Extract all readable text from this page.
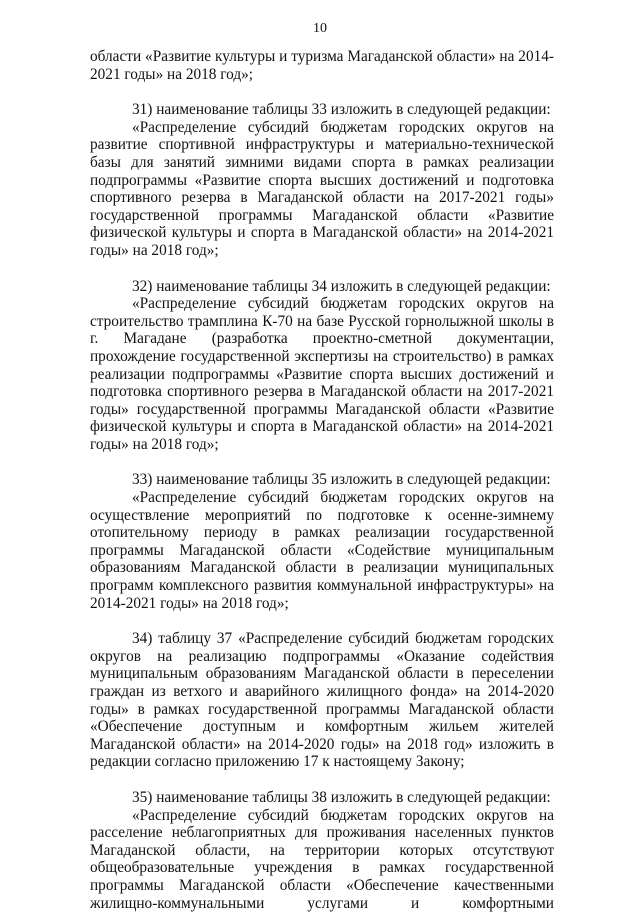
10

области «Развитие культуры и туризма Магаданской области» на 2014-2021 годы» на 2018 год»;

31) наименование таблицы 33 изложить в следующей редакции:

«Распределение субсидий бюджетам городских округов на развитие спортивной инфраструктуры и материально-технической базы для занятий зимними видами спорта в рамках реализации подпрограммы «Развитие спорта высших достижений и подготовка спортивного резерва в Магаданской области на 2017-2021 годы» государственной программы Магаданской области «Развитие физической культуры и спорта в Магаданской области» на 2014-2021 годы» на 2018 год»;

32) наименование таблицы 34 изложить в следующей редакции:

«Распределение субсидий бюджетам городских округов на строительство трамплина К-70 на базе Русской горнолыжной школы в г. Магадане (разработка проектно-сметной документации, прохождение государственной экспертизы на строительство) в рамках реализации подпрограммы «Развитие спорта высших достижений и подготовка спортивного резерва в Магаданской области на 2017-2021 годы» государственной программы Магаданской области «Развитие физической культуры и спорта в Магаданской области» на 2014-2021 годы» на 2018 год»;

33) наименование таблицы 35 изложить в следующей редакции:

«Распределение субсидий бюджетам городских округов на осуществление мероприятий по подготовке к осенне-зимнему отопительному периоду в рамках реализации государственной программы Магаданской области «Содействие муниципальным образованиям Магаданской области в реализации муниципальных программ комплексного развития коммунальной инфраструктуры» на 2014-2021 годы» на 2018 год»;

34) таблицу 37 «Распределение субсидий бюджетам городских округов на реализацию подпрограммы «Оказание содействия муниципальным образованиям Магаданской области в переселении граждан из ветхого и аварийного жилищного фонда» на 2014-2020 годы» в рамках государственной программы Магаданской области «Обеспечение доступным и комфортным жильем жителей Магаданской области» на 2014-2020 годы» на 2018 год» изложить в редакции согласно приложению 17 к настоящему Закону;

35) наименование таблицы 38 изложить в следующей редакции:

«Распределение субсидий бюджетам городских округов на расселение неблагоприятных для проживания населенных пунктов Магаданской области, на территории которых отсутствуют общеобразовательные учреждения в рамках государственной программы Магаданской области «Обеспечение качественными жилищно-коммунальными услугами и комфортными
